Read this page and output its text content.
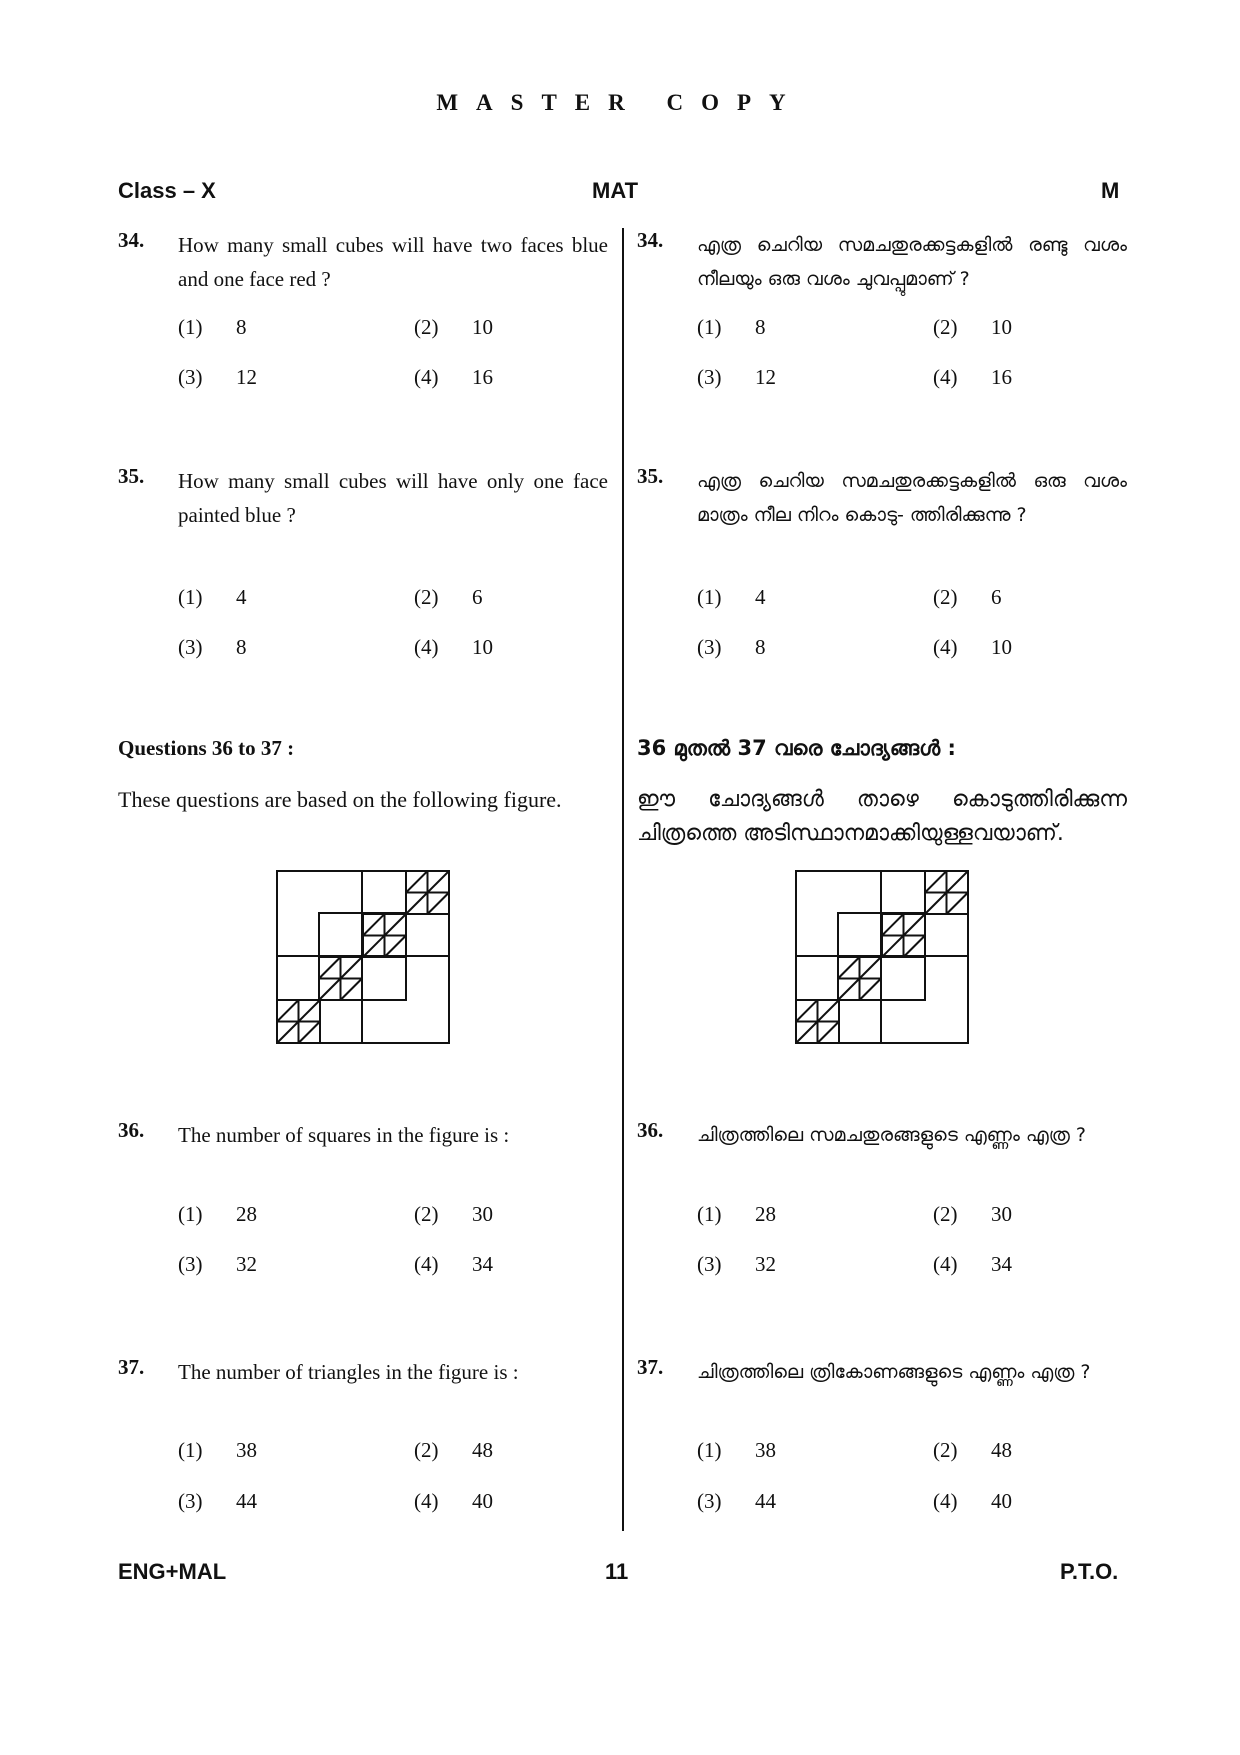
MASTER COPY
Class – X	MAT	M
34. How many small cubes will have two faces blue and one face red ?
(1) 8	(2) 10
(3) 12	(4) 16
35. How many small cubes will have only one face painted blue ?
(1) 4	(2) 6
(3) 8	(4) 10
Questions 36 to 37 :
These questions are based on the following figure.
36. The number of squares in the figure is :
(1) 28	(2) 30
(3) 32	(4) 34
37. The number of triangles in the figure is :
(1) 38	(2) 48
(3) 44	(4) 40
34. എത്ര ചെറിയ സമചതുരക്കട്ടകളിൽ രണ്ടു വശം നീലയും ഒരു വശം ചുവപ്പുമാണ് ?
(1) 8	(2) 10
(3) 12	(4) 16
35. എത്ര ചെറിയ സമചതുരക്കട്ടകളിൽ ഒരു വശം മാത്രം നീല നിറം കൊടു- ത്തിരിക്കുന്നു ?
(1) 4	(2) 6
(3) 8	(4) 10
36 മുതൽ 37 വരെ ചോദ്യങ്ങൾ :
ഈ ചോദ്യങ്ങൾ താഴെ കൊടുത്തിരിക്കുന്ന ചിത്രത്തെ അടിസ്ഥാനമാക്കിയുള്ളവയാണ്.
36. ചിത്രത്തിലെ സമചതുരങ്ങളുടെ എണ്ണം എത്ര ?
(1) 28	(2) 30
(3) 32	(4) 34
37. ചിത്രത്തിലെ ത്രികോണങ്ങളുടെ എണ്ണം എത്ര ?
(1) 38	(2) 48
(3) 44	(4) 40
ENG+MAL	11	P.T.O.
